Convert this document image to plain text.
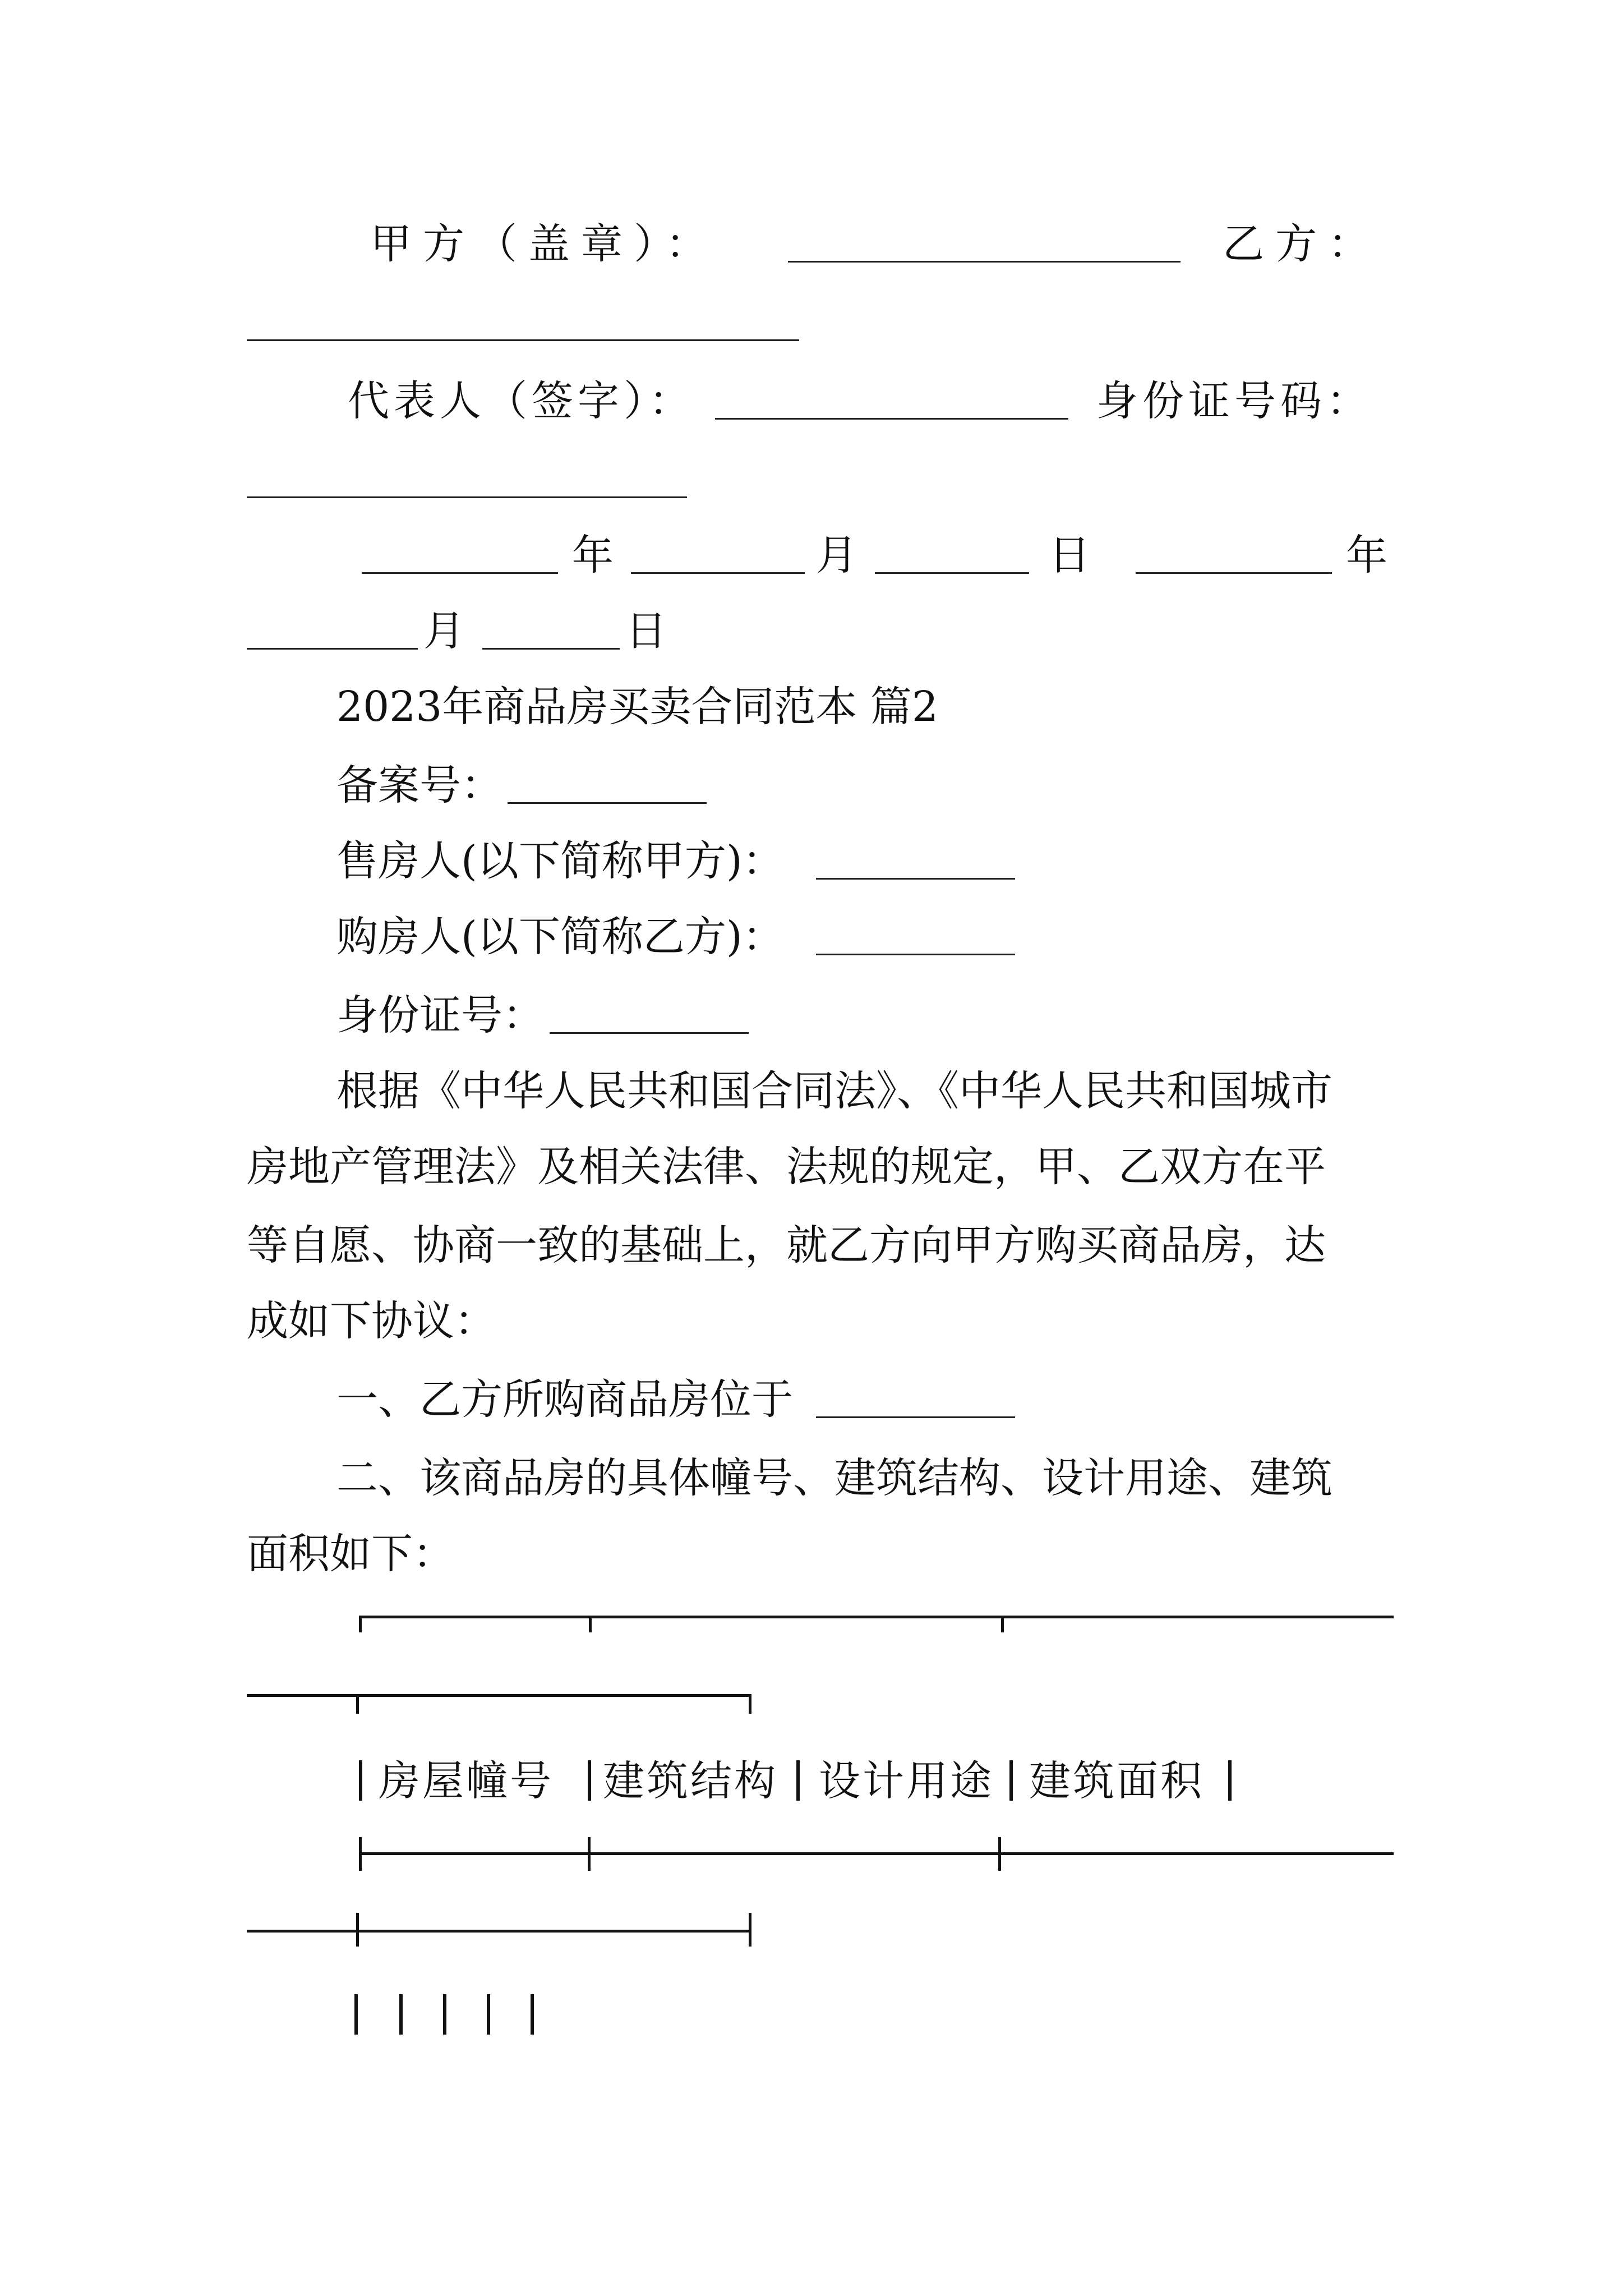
甲方（盖章）：	乙方：
代表人（签字）：	身份证号码：
年	月	日	年
月	日
2023年商品房买卖合同范本 篇2
备案号：
售房人(以下简称甲方)：
购房人(以下简称乙方)：
身份证号：
根据《中华人民共和国合同法》、《中华人民共和国城市
房地产管理法》及相关法律、法规的规定，甲、乙双方在平
等自愿、协商一致的基础上，就乙方向甲方购买商品房，达
成如下协议：
一、乙方所购商品房位于
二、该商品房的具体幢号、建筑结构、设计用途、建筑
面积如下：
房屋幢号 建筑结构 设计用途 建筑面积
